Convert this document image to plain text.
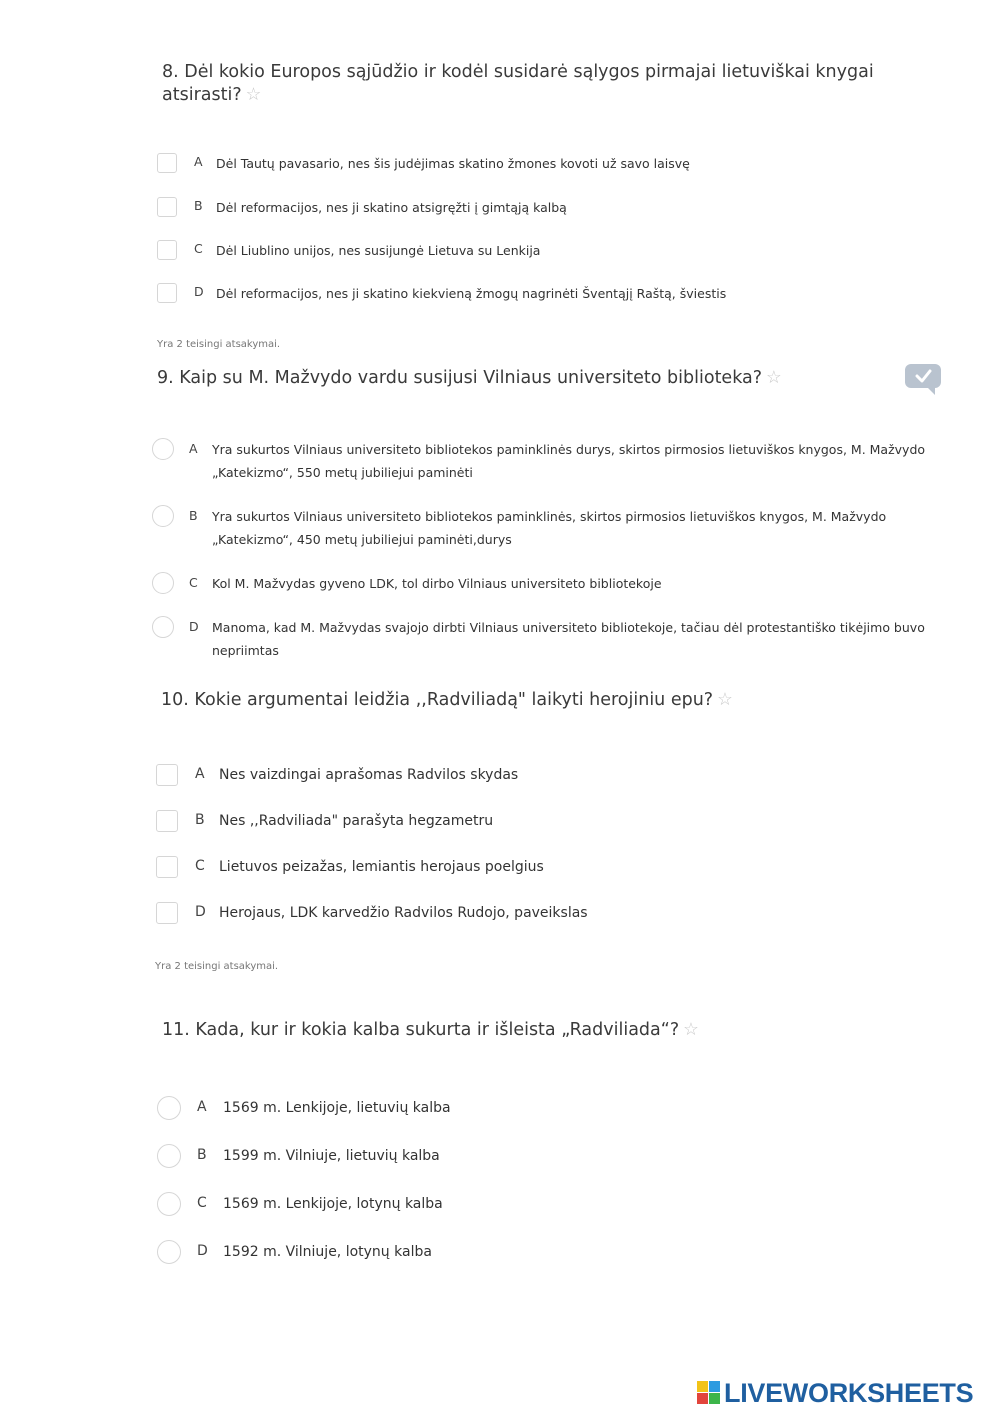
8. Dėl kokio Europos sąjūdžio ir kodėl susidarė sąlygos pirmajai lietuviškai knygai
atsirasti? ☆
A Dėl Tautų pavasario, nes šis judėjimas skatino žmones kovoti už savo laisvę
B Dėl reformacijos, nes ji skatino atsigręžti į gimtąją kalbą
C Dėl Liublino unijos, nes susijungė Lietuva su Lenkija
D Dėl reformacijos, nes ji skatino kiekvieną žmogų nagrinėti Šventąjį Raštą, šviestis
Yra 2 teisingi atsakymai.
9. Kaip su M. Mažvydo vardu susijusi Vilniaus universiteto biblioteka? ☆
A Yra sukurtos Vilniaus universiteto bibliotekos paminklinės durys, skirtos pirmosios lietuviškos knygos, M. Mažvydo
„Katekizmo“, 550 metų jubiliejui paminėti
B Yra sukurtos Vilniaus universiteto bibliotekos paminklinės, skirtos pirmosios lietuviškos knygos, M. Mažvydo
„Katekizmo“, 450 metų jubiliejui paminėti,durys
C Kol M. Mažvydas gyveno LDK, tol dirbo Vilniaus universiteto bibliotekoje
D Manoma, kad M. Mažvydas svajojo dirbti Vilniaus universiteto bibliotekoje, tačiau dėl protestantiško tikėjimo buvo
nepriimtas
10. Kokie argumentai leidžia ,,Radviliadą" laikyti herojiniu epu? ☆
A Nes vaizdingai aprašomas Radvilos skydas
B Nes ,,Radviliada" parašyta hegzametru
C Lietuvos peizažas, lemiantis herojaus poelgius
D Herojaus, LDK karvedžio Radvilos Rudojo, paveikslas
Yra 2 teisingi atsakymai.
11. Kada, kur ir kokia kalba sukurta ir išleista „Radviliada“? ☆
A 1569 m. Lenkijoje, lietuvių kalba
B 1599 m. Vilniuje, lietuvių kalba
C 1569 m. Lenkijoje, lotynų kalba
D 1592 m. Vilniuje, lotynų kalba
LIVEWORKSHEETS
